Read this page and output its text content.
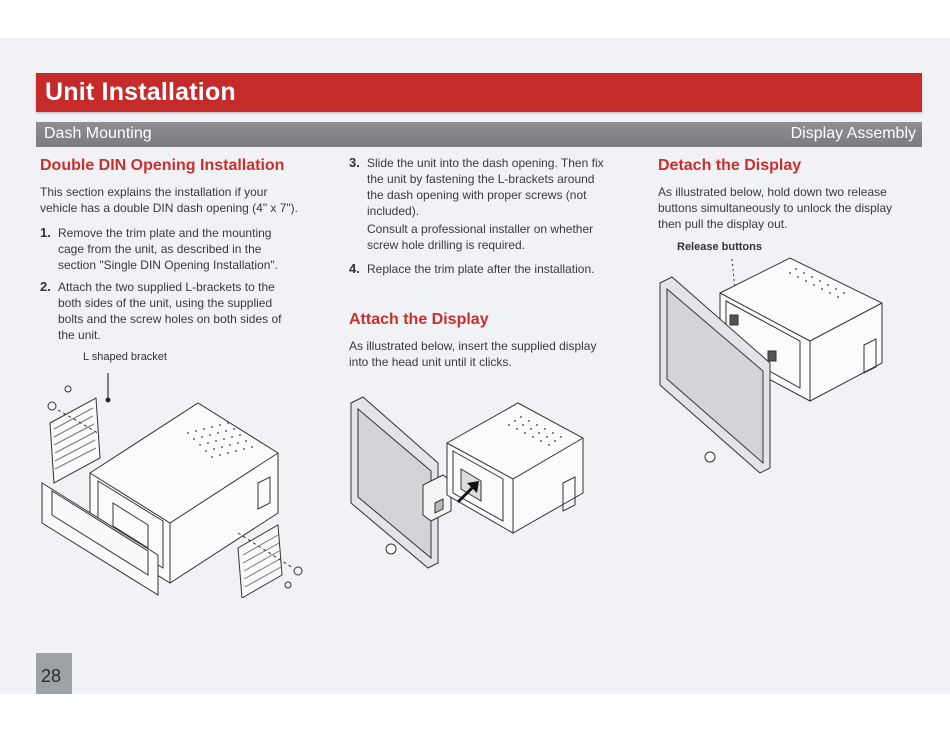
Unit Installation
Dash Mounting	Display Assembly
Double DIN Opening Installation
This section explains the installation if your
vehicle has a double DIN dash opening (4" x 7").
1. Remove the trim plate and the mounting
cage from the unit, as described in the
section "Single DIN Opening Installation".
2. Attach the two supplied L-brackets to the
both sides of the unit, using the supplied
bolts and the screw holes on both sides of
the unit.
L shaped bracket
3. Slide the unit into the dash opening. Then fix
the unit by fastening the L-brackets around
the dash opening with proper screws (not
included).
Consult a professional installer on whether
screw hole drilling is required.
4. Replace the trim plate after the installation.
Attach the Display
As illustrated below, insert the supplied display
into the head unit until it clicks.
Detach the Display
As illustrated below, hold down two release
buttons simultaneously to unlock the display
then pull the display out.
Release buttons
28
